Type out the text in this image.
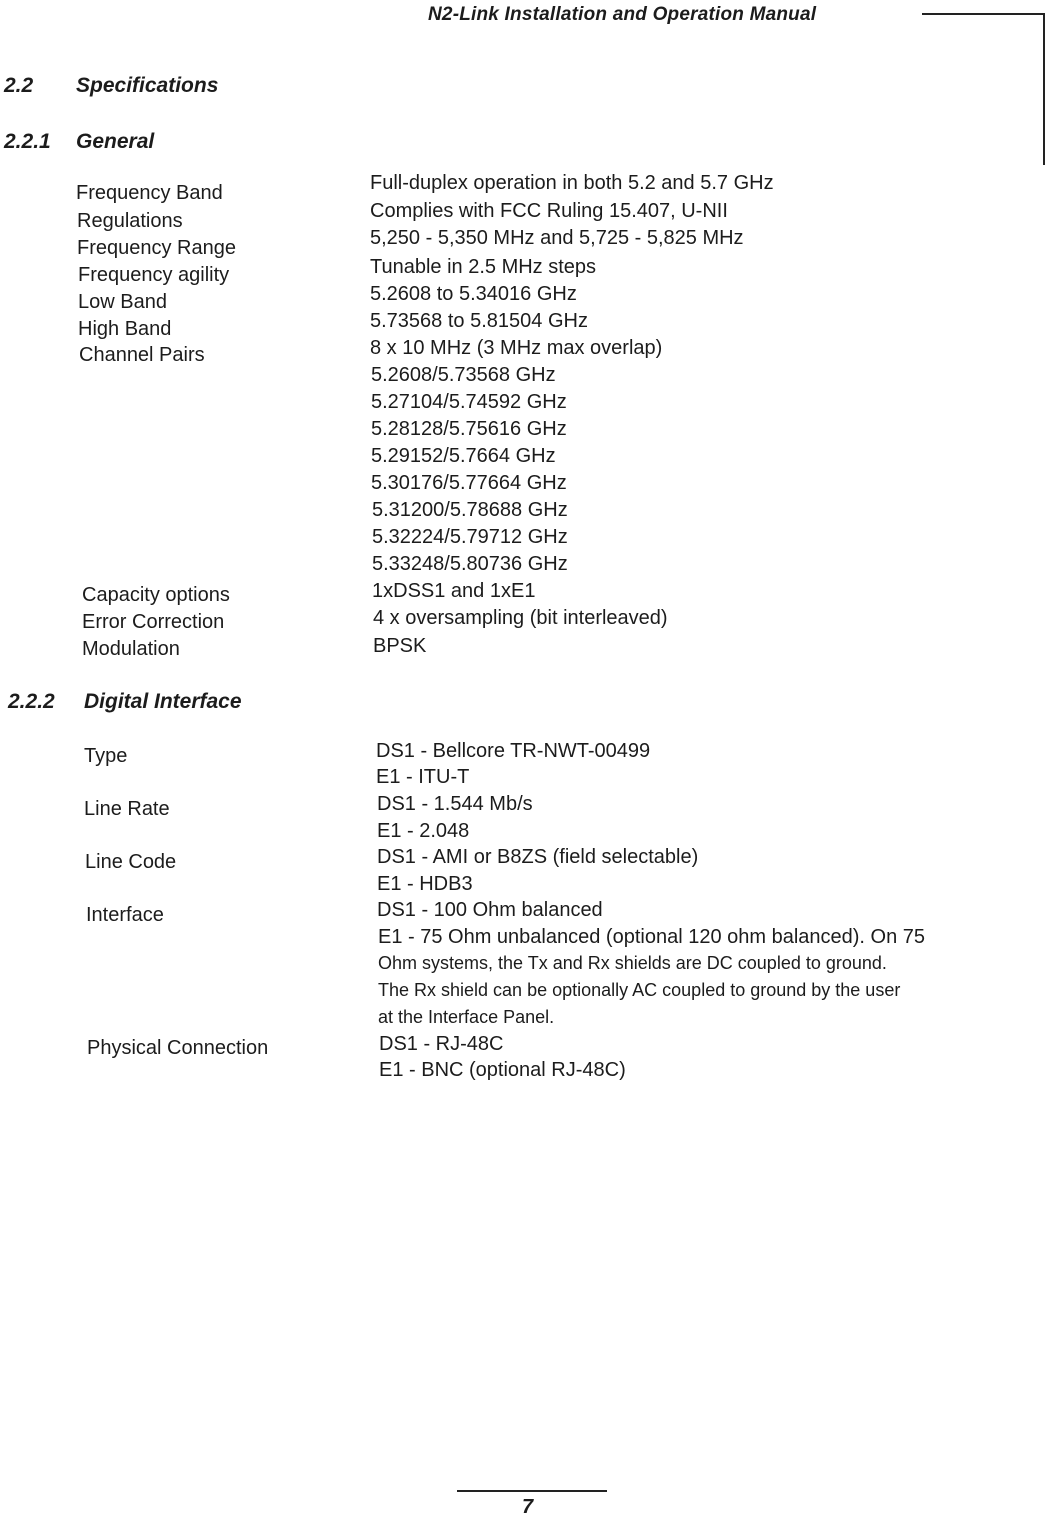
N2-Link Installation and Operation Manual
2.2 Specifications
2.2.1 General
Frequency Band
Regulations
Frequency Range
Frequency agility
Low Band
High Band
Channel Pairs
Capacity options
Error Correction
Modulation
Full-duplex operation in both 5.2 and 5.7 GHz
Complies with FCC Ruling 15.407, U-NII
5,250 - 5,350 MHz and 5,725 - 5,825 MHz
Tunable in 2.5 MHz steps
5.2608 to 5.34016 GHz
5.73568 to 5.81504 GHz
8 x 10 MHz (3 MHz max overlap)
5.2608/5.73568 GHz
5.27104/5.74592 GHz
5.28128/5.75616 GHz
5.29152/5.7664 GHz
5.30176/5.77664 GHz
5.31200/5.78688 GHz
5.32224/5.79712 GHz
5.33248/5.80736 GHz
1xDSS1 and 1xE1
4 x oversampling (bit interleaved)
BPSK
2.2.2 Digital Interface
Type
Line Rate
Line Code
Interface
Physical Connection
DS1 - Bellcore TR-NWT-00499
E1 - ITU-T
DS1 - 1.544 Mb/s
E1 - 2.048
DS1 - AMI or B8ZS (field selectable)
E1 - HDB3
DS1 - 100 Ohm balanced
E1 - 75 Ohm unbalanced (optional 120 ohm balanced). On 75
Ohm systems, the Tx and Rx shields are DC coupled to ground.
The Rx shield can be optionally AC coupled to ground by the user
at the Interface Panel.
DS1 - RJ-48C
E1 - BNC (optional RJ-48C)
7
